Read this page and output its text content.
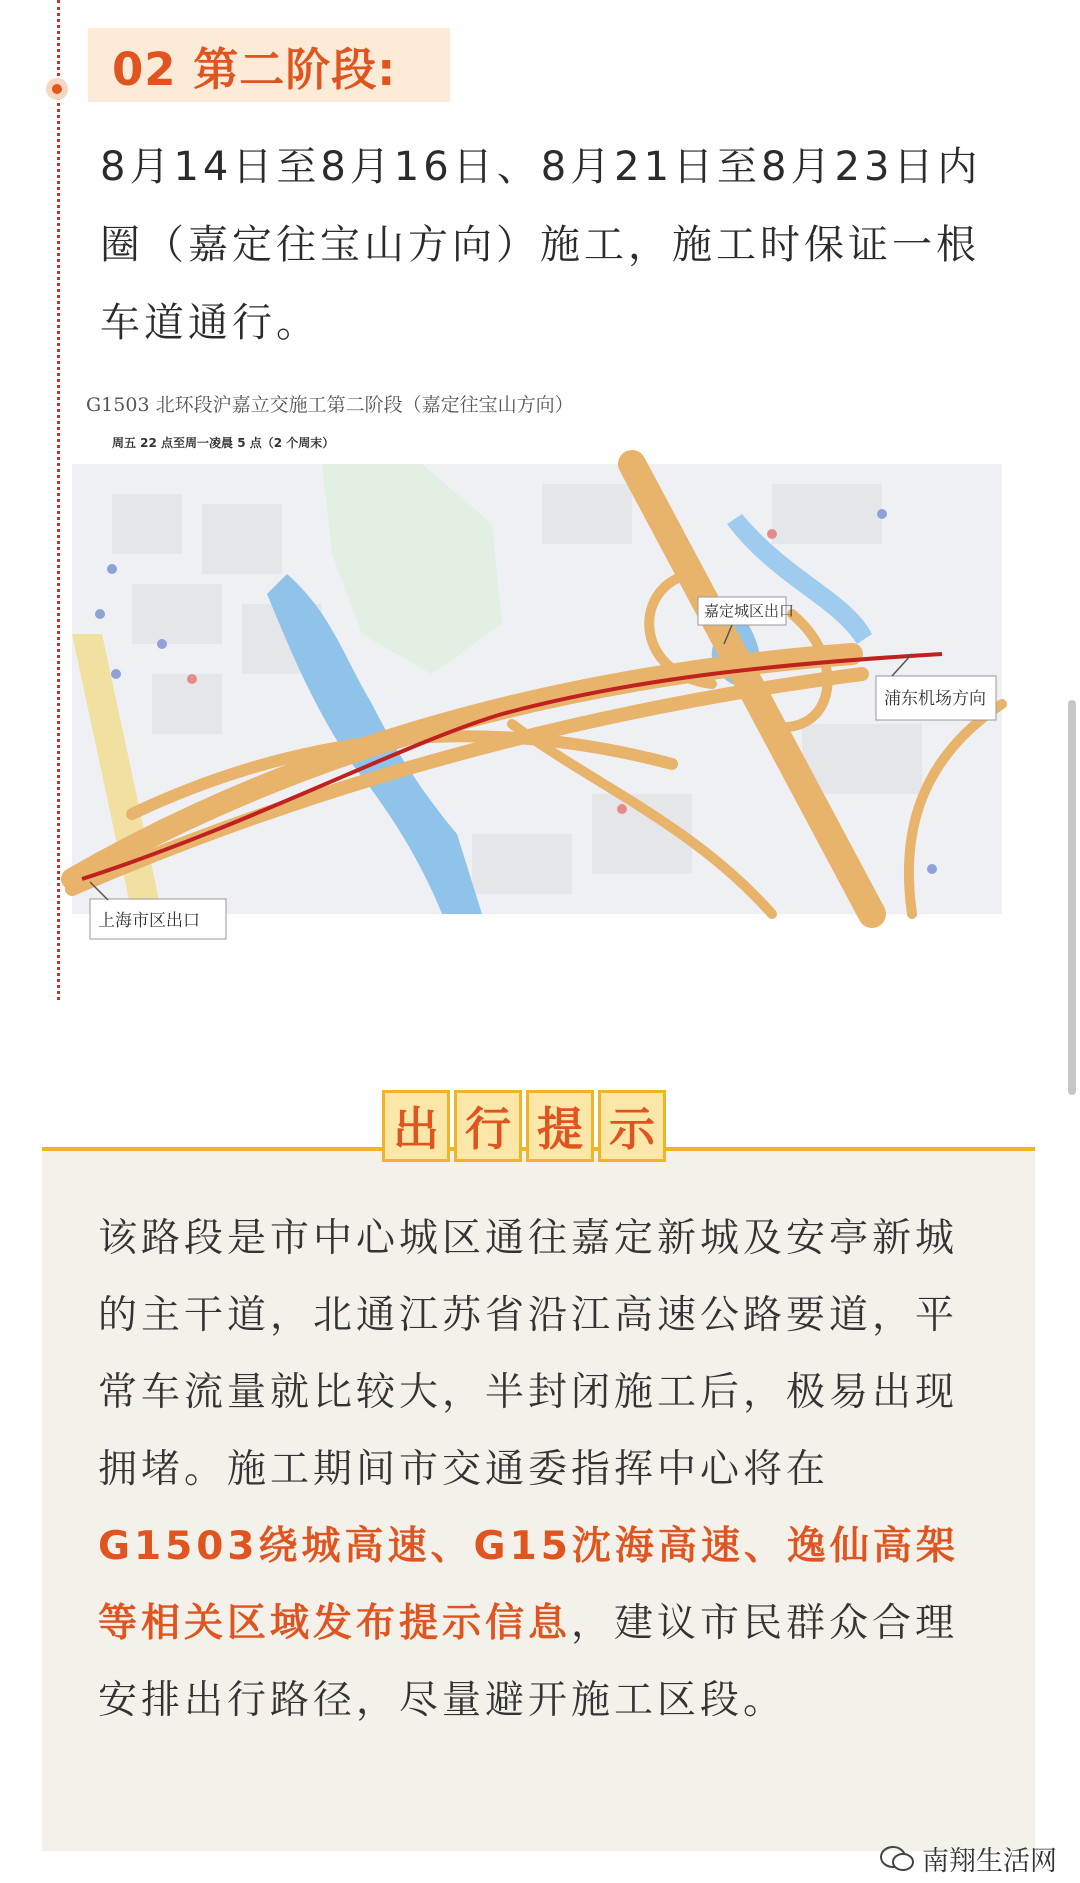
02 第二阶段:
8月14日至8月16日、8月21日至8月23日内圈（嘉定往宝山方向）施工，施工时保证一根车道通行。
G1503 北环段沪嘉立交施工第二阶段（嘉定往宝山方向）
周五 22 点至周一凌晨 5 点（2 个周末）
嘉定城区出口
浦东机场方向
上海市区出口
出 行 提 示
该路段是市中心城区通往嘉定新城及安亭新城的主干道，北通江苏省沿江高速公路要道，平常车流量就比较大，半封闭施工后，极易出现拥堵。施工期间市交通委指挥中心将在G1503绕城高速、G15沈海高速、逸仙高架等相关区域发布提示信息，建议市民群众合理安排出行路径，尽量避开施工区段。
南翔生活网
